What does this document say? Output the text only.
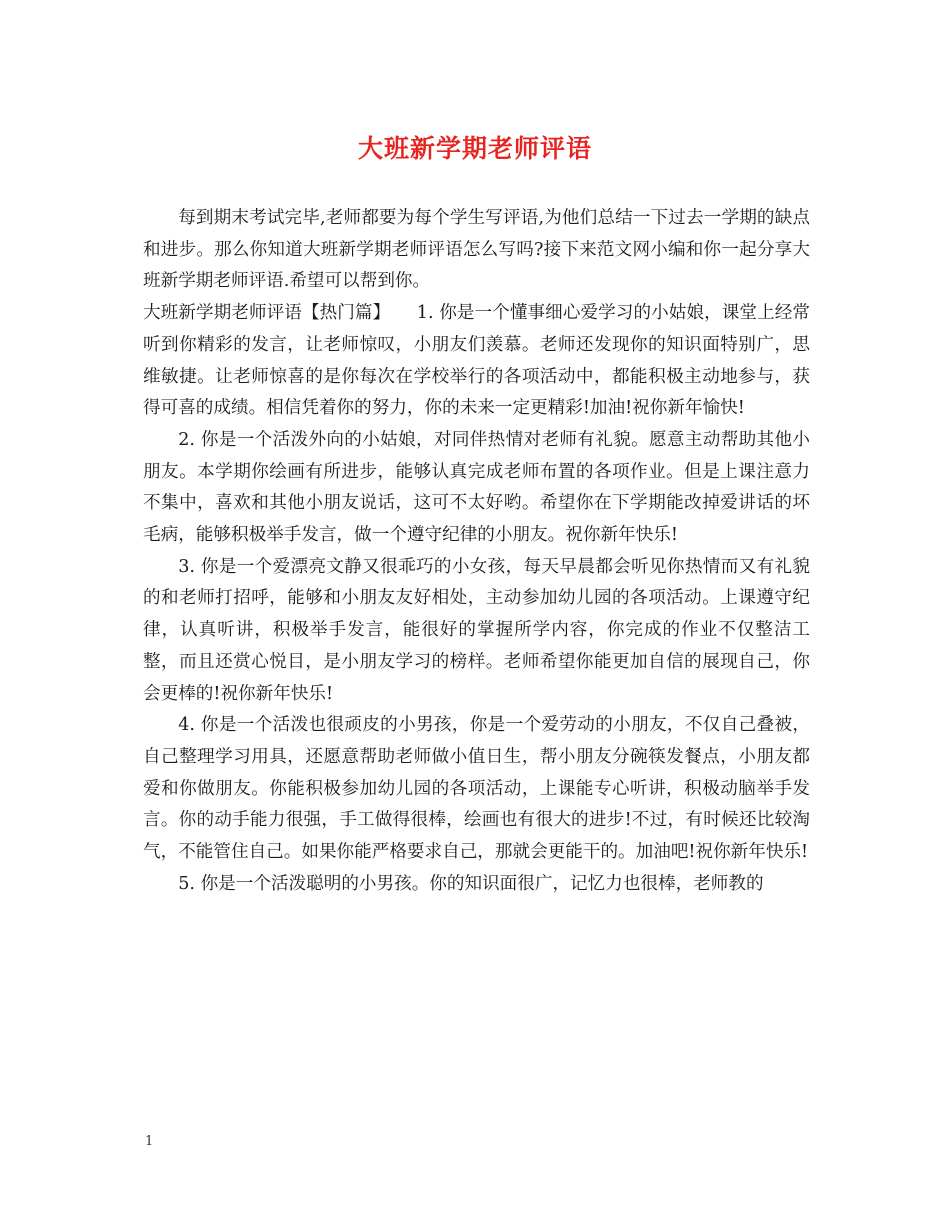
大班新学期老师评语

每到期末考试完毕,老师都要为每个学生写评语,为他们总结一下过去一学期的缺点和进步。那么你知道大班新学期老师评语怎么写吗?接下来范文网小编和你一起分享大班新学期老师评语.希望可以帮到你。

大班新学期老师评语【热门篇】　　1. 你是一个懂事细心爱学习的小姑娘，课堂上经常听到你精彩的发言，让老师惊叹，小朋友们羡慕。老师还发现你的知识面特别广，思维敏捷。让老师惊喜的是你每次在学校举行的各项活动中，都能积极主动地参与，获得可喜的成绩。相信凭着你的努力，你的未来一定更精彩!加油!祝你新年愉快!

2. 你是一个活泼外向的小姑娘，对同伴热情对老师有礼貌。愿意主动帮助其他小朋友。本学期你绘画有所进步，能够认真完成老师布置的各项作业。但是上课注意力不集中，喜欢和其他小朋友说话，这可不太好哟。希望你在下学期能改掉爱讲话的坏毛病，能够积极举手发言，做一个遵守纪律的小朋友。祝你新年快乐!

3. 你是一个爱漂亮文静又很乖巧的小女孩，每天早晨都会听见你热情而又有礼貌的和老师打招呼，能够和小朋友友好相处，主动参加幼儿园的各项活动。上课遵守纪律，认真听讲，积极举手发言，能很好的掌握所学内容，你完成的作业不仅整洁工整，而且还赏心悦目，是小朋友学习的榜样。老师希望你能更加自信的展现自己，你会更棒的!祝你新年快乐!

4. 你是一个活泼也很顽皮的小男孩，你是一个爱劳动的小朋友，不仅自己叠被，自己整理学习用具，还愿意帮助老师做小值日生，帮小朋友分碗筷发餐点，小朋友都爱和你做朋友。你能积极参加幼儿园的各项活动，上课能专心听讲，积极动脑举手发言。你的动手能力很强，手工做得很棒，绘画也有很大的进步!不过，有时候还比较淘气，不能管住自己。如果你能严格要求自己，那就会更能干的。加油吧!祝你新年快乐!

5. 你是一个活泼聪明的小男孩。你的知识面很广，记忆力也很棒，老师教的

1
